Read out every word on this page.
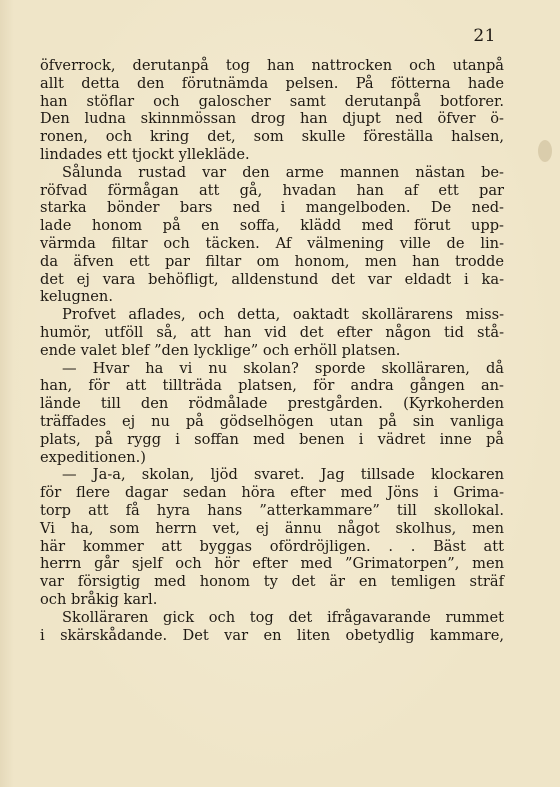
21
öfverrock, derutanpå tog han nattrocken och utanpå
allt detta den förutnämda pelsen. På fötterna hade
han stöflar och galoscher samt derutanpå botforer.
Den ludna skinnmössan drog han djupt ned öfver ö-
ronen, och kring det, som skulle föreställa halsen,
lindades ett tjockt yllekläde.
Sålunda rustad var den arme mannen nästan be-
röfvad förmågan att gå, hvadan han af ett par
starka bönder bars ned i mangelboden. De ned-
lade honom på en soffa, klädd med förut upp-
värmda filtar och täcken. Af välmening ville de lin-
da äfven ett par filtar om honom, men han trodde
det ej vara behöfligt, alldenstund det var eldadt i ka-
kelugnen.
Profvet aflades, och detta, oaktadt skollärarens miss-
humör, utföll så, att han vid det efter någon tid stå-
ende valet blef ”den lycklige” och erhöll platsen.
— Hvar ha vi nu skolan? sporde skolläraren, då
han, för att tillträda platsen, för andra gången an-
lände till den rödmålade prestgården. (Kyrkoherden
träffades ej nu på gödselhögen utan på sin vanliga
plats, på rygg i soffan med benen i vädret inne på
expeditionen.)
— Ja-a, skolan, ljöd svaret. Jag tillsade klockaren
för flere dagar sedan höra efter med Jöns i Grima-
torp att få hyra hans ”atterkammare” till skollokal.
Vi ha, som herrn vet, ej ännu något skolhus, men
här kommer att byggas ofördröjligen. . . Bäst att
herrn går sjelf och hör efter med ”Grimatorpen”, men
var försigtig med honom ty det är en temligen sträf
och bråkig karl.
Skolläraren gick och tog det ifrågavarande rummet
i skärskådande. Det var en liten obetydlig kammare,
